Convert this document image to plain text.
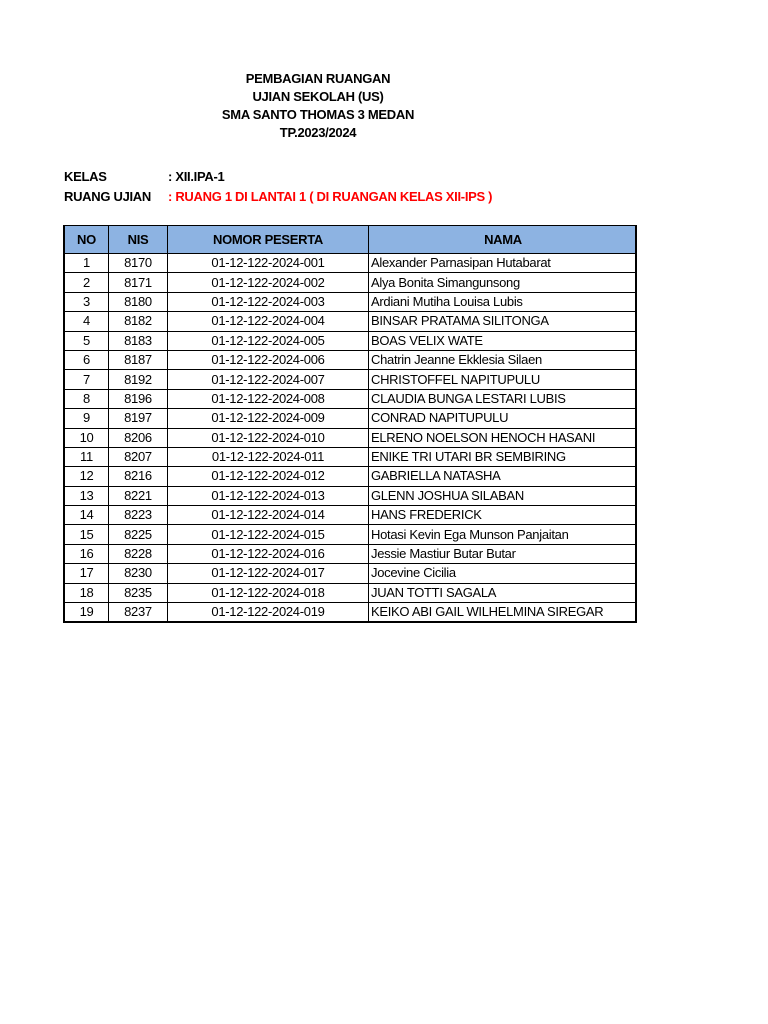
PEMBAGIAN RUANGAN
UJIAN SEKOLAH (US)
SMA SANTO THOMAS 3 MEDAN
TP.2023/2024
KELAS	: XII.IPA-1
RUANG UJIAN : RUANG 1 DI LANTAI 1 ( DI RUANGAN KELAS XII-IPS )
NO	NIS	NOMOR PESERTA	NAMA
1	8170	01-12-122-2024-001	Alexander Parnasipan Hutabarat
2	8171	01-12-122-2024-002	Alya Bonita Simangunsong
3	8180	01-12-122-2024-003	Ardiani Mutiha Louisa Lubis
4	8182	01-12-122-2024-004	BINSAR PRATAMA SILITONGA
5	8183	01-12-122-2024-005	BOAS VELIX WATE
6	8187	01-12-122-2024-006	Chatrin Jeanne Ekklesia Silaen
7	8192	01-12-122-2024-007	CHRISTOFFEL NAPITUPULU
8	8196	01-12-122-2024-008	CLAUDIA BUNGA LESTARI LUBIS
9	8197	01-12-122-2024-009	CONRAD NAPITUPULU
10	8206	01-12-122-2024-010	ELRENO NOELSON HENOCH HASANI
11	8207	01-12-122-2024-011	ENIKE TRI UTARI BR SEMBIRING
12	8216	01-12-122-2024-012	GABRIELLA NATASHA
13	8221	01-12-122-2024-013	GLENN JOSHUA SILABAN
14	8223	01-12-122-2024-014	HANS FREDERICK
15	8225	01-12-122-2024-015	Hotasi Kevin Ega Munson Panjaitan
16	8228	01-12-122-2024-016	Jessie Mastiur Butar Butar
17	8230	01-12-122-2024-017	Jocevine Cicilia
18	8235	01-12-122-2024-018	JUAN TOTTI SAGALA
19	8237	01-12-122-2024-019	KEIKO ABI GAIL WILHELMINA SIREGAR
